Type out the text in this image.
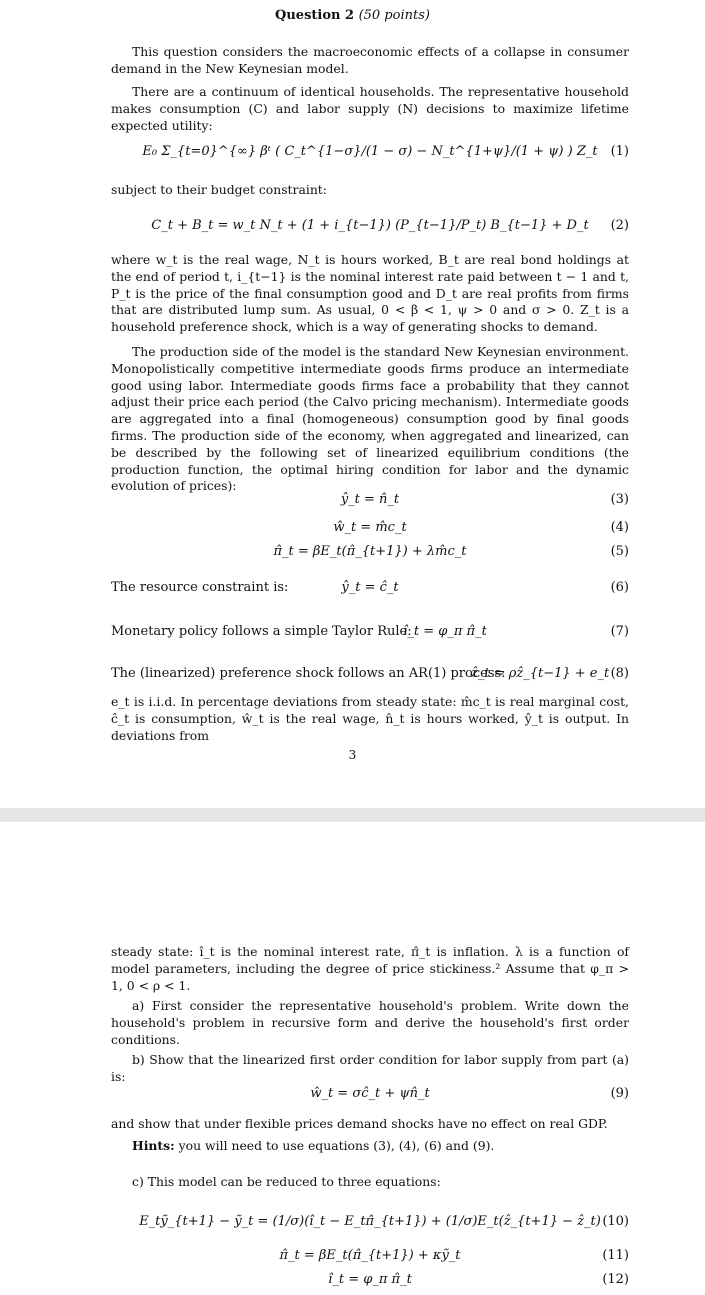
Question 2 (50 points)

This question considers the macroeconomic effects of a collapse in consumer demand in the New Keynesian model.

There are a continuum of identical households. The representative household makes consumption (C) and labor supply (N) decisions to maximize lifetime expected utility:

E₀ Σ_{t=0}^{∞} βᵗ ( C_t^{1−σ}/(1 − σ) − N_t^{1+ψ}/(1 + ψ) ) Z_t	(1)

subject to their budget constraint:

C_t + B_t = w_t N_t + (1 + i_{t−1}) (P_{t−1}/P_t) B_{t−1} + D_t	(2)

where w_t is the real wage, N_t is hours worked, B_t are real bond holdings at the end of period t, i_{t−1} is the nominal interest rate paid between t − 1 and t, P_t is the price of the final consumption good and D_t are real profits from firms that are distributed lump sum. As usual, 0 < β < 1, ψ > 0 and σ > 0. Z_t is a household preference shock, which is a way of generating shocks to demand.

The production side of the model is the standard New Keynesian environment. Monopolistically competitive intermediate goods firms produce an intermediate good using labor. Intermediate goods firms face a probability that they cannot adjust their price each period (the Calvo pricing mechanism). Intermediate goods are aggregated into a final (homogeneous) consumption good by final goods firms. The production side of the economy, when aggregated and linearized, can be described by the following set of linearized equilibrium conditions (the production function, the optimal hiring condition for labor and the dynamic evolution of prices):

ŷ_t = n̂_t	(3)
ŵ_t = m̂c_t	(4)
π̂_t = βE_t(π̂_{t+1}) + λm̂c_t	(5)
The resource constraint is:	ŷ_t = ĉ_t	(6)
Monetary policy follows a simple Taylor Rule:
î_t = φ_π π̂_t	(7)
The (linearized) preference shock follows an AR(1) process:
ẑ_t = ρẑ_{t−1} + e_t (8)

e_t is i.i.d. In percentage deviations from steady state: m̂c_t is real marginal cost, ĉ_t is consumption, ŵ_t is the real wage, n̂_t is hours worked, ŷ_t is output. In deviations from

3

steady state: î_t is the nominal interest rate, π̂_t is inflation. λ is a function of model parameters, including the degree of price stickiness.² Assume that φ_π > 1, 0 < ρ < 1.

a) First consider the representative household's problem. Write down the household's problem in recursive form and derive the household's first order conditions.

b) Show that the linearized first order condition for labor supply from part (a) is:

ŵ_t = σĉ_t + ψn̂_t	(9)

and show that under flexible prices demand shocks have no effect on real GDP.

Hints: you will need to use equations (3), (4), (6) and (9).

c) This model can be reduced to three equations:

E_tỹ_{t+1} − ỹ_t = (1/σ)(î_t − E_tπ̂_{t+1}) + (1/σ)E_t(ẑ_{t+1} − ẑ_t) (10)
π̂_t = βE_t(π̂_{t+1}) + κỹ_t	(11)
î_t = φ_π π̂_t	(12)
